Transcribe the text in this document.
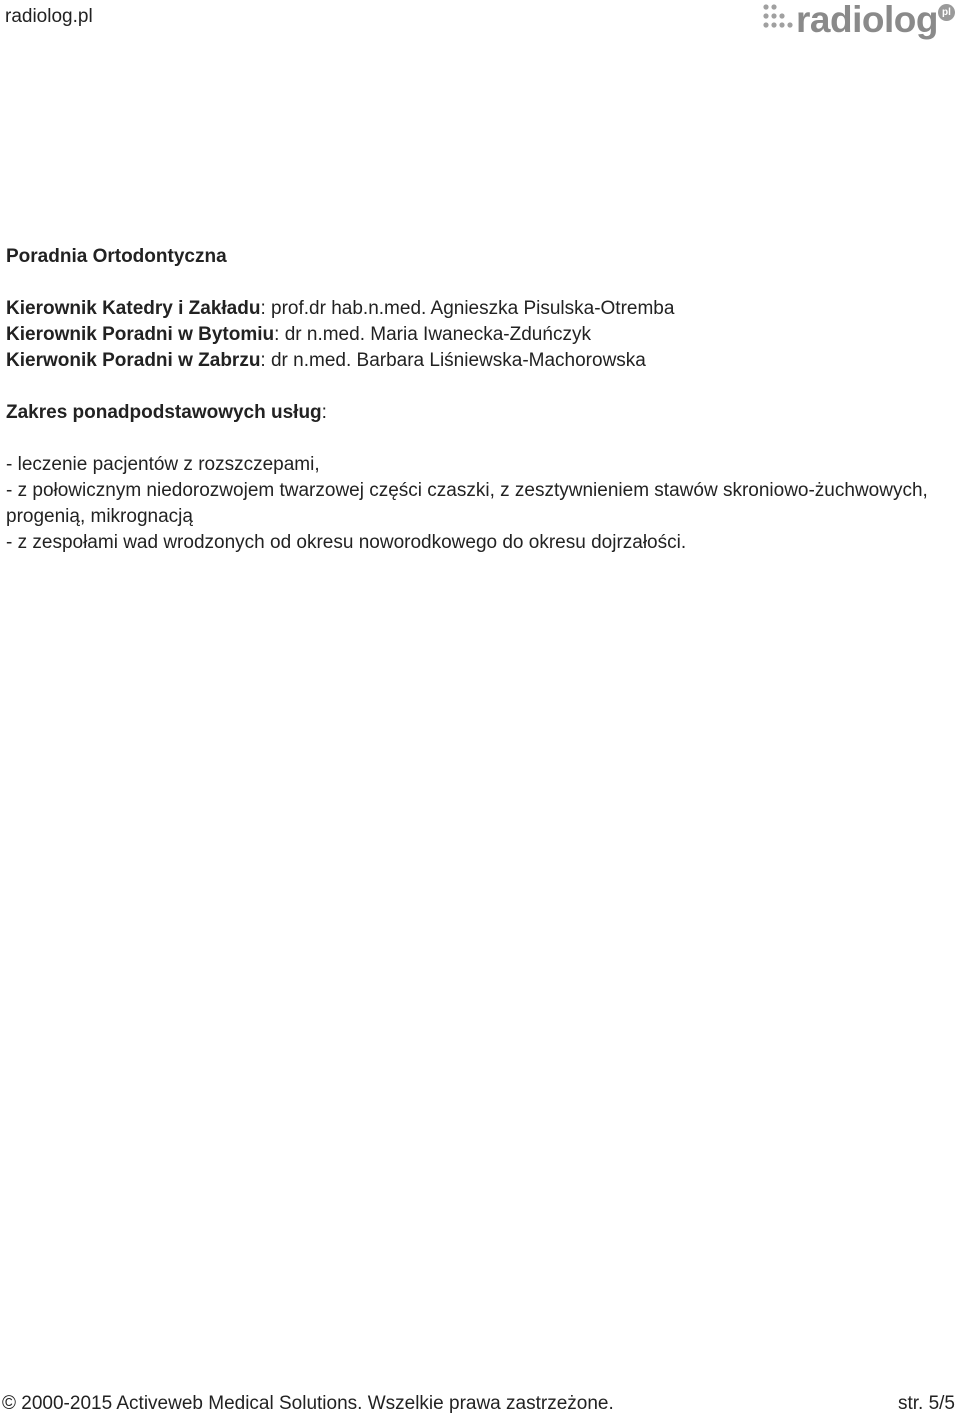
radiolog.pl	radiolog pl

Poradnia Ortodontyczna

Kierownik Katedry i Zakładu: prof.dr hab.n.med. Agnieszka Pisulska-Otremba

Kierownik Poradni w Bytomiu: dr n.med. Maria Iwanecka-Zduńczyk

Kierwonik Poradni w Zabrzu: dr n.med. Barbara Liśniewska-Machorowska

Zakres ponadpodstawowych usług:

- leczenie pacjentów z rozszczepami,

- z połowicznym niedorozwojem twarzowej części czaszki, z zesztywnieniem stawów skroniowo-żuchwowych, progenią, mikrognacją

- z zespołami wad wrodzonych od okresu noworodkowego do okresu dojrzałości.

© 2000-2015 Activeweb Medical Solutions. Wszelkie prawa zastrzeżone.	str. 5/5
